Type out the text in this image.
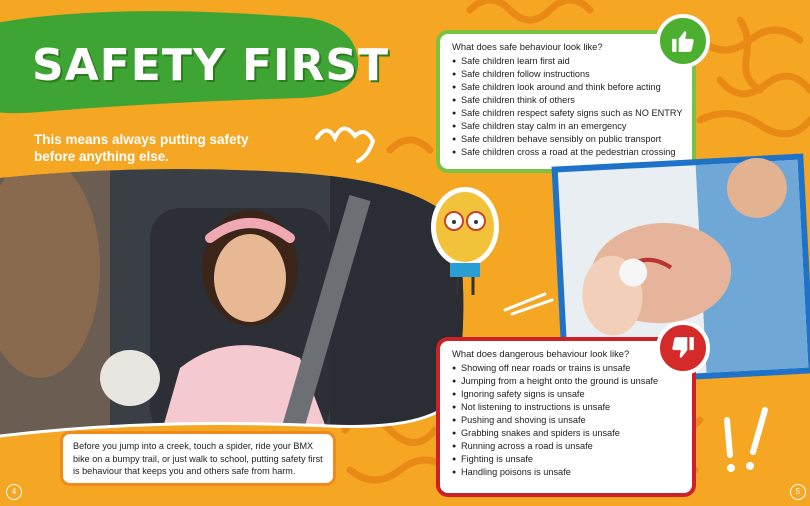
SAFETY FIRST
This means always putting safety before anything else.
What does safe behaviour look like?
● Safe children learn first aid
● Safe children follow instructions
● Safe children look around and think before acting
● Safe children think of others
● Safe children respect safety signs such as NO ENTRY
● Safe children stay calm in an emergency
● Safe children behave sensibly on public transport
● Safe children cross a road at the pedestrian crossing
What does dangerous behaviour look like?
● Showing off near roads or trains is unsafe
● Jumping from a height onto the ground is unsafe
● Ignoring safety signs is unsafe
● Not listening to instructions is unsafe
● Pushing and shoving is unsafe
● Grabbing snakes and spiders is unsafe
● Running across a road is unsafe
● Fighting is unsafe
● Handling poisons is unsafe
Before you jump into a creek, touch a spider, ride your BMX bike on a bumpy trail, or just walk to school, putting safety first is behaviour that keeps you and others safe from harm.
4	5
